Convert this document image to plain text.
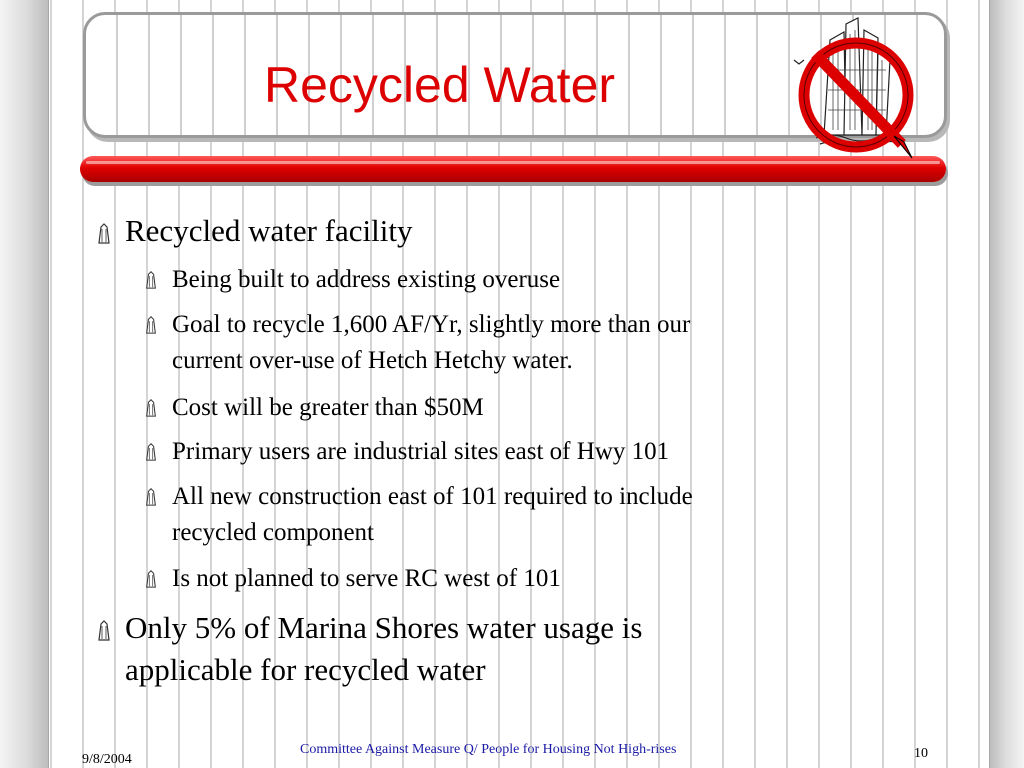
Recycled Water
Recycled water facility
Being built to address existing overuse
Goal to recycle 1,600 AF/Yr, slightly more than our
current over-use of Hetch Hetchy water.
Cost will be greater than $50M
Primary users are industrial sites east of Hwy 101
All new construction east of 101 required to include
recycled component
Is not planned to serve RC west of 101
Only 5% of Marina Shores water usage is
applicable for recycled water
9/8/2004
Committee Against Measure Q/ People for Housing Not High-rises	10
